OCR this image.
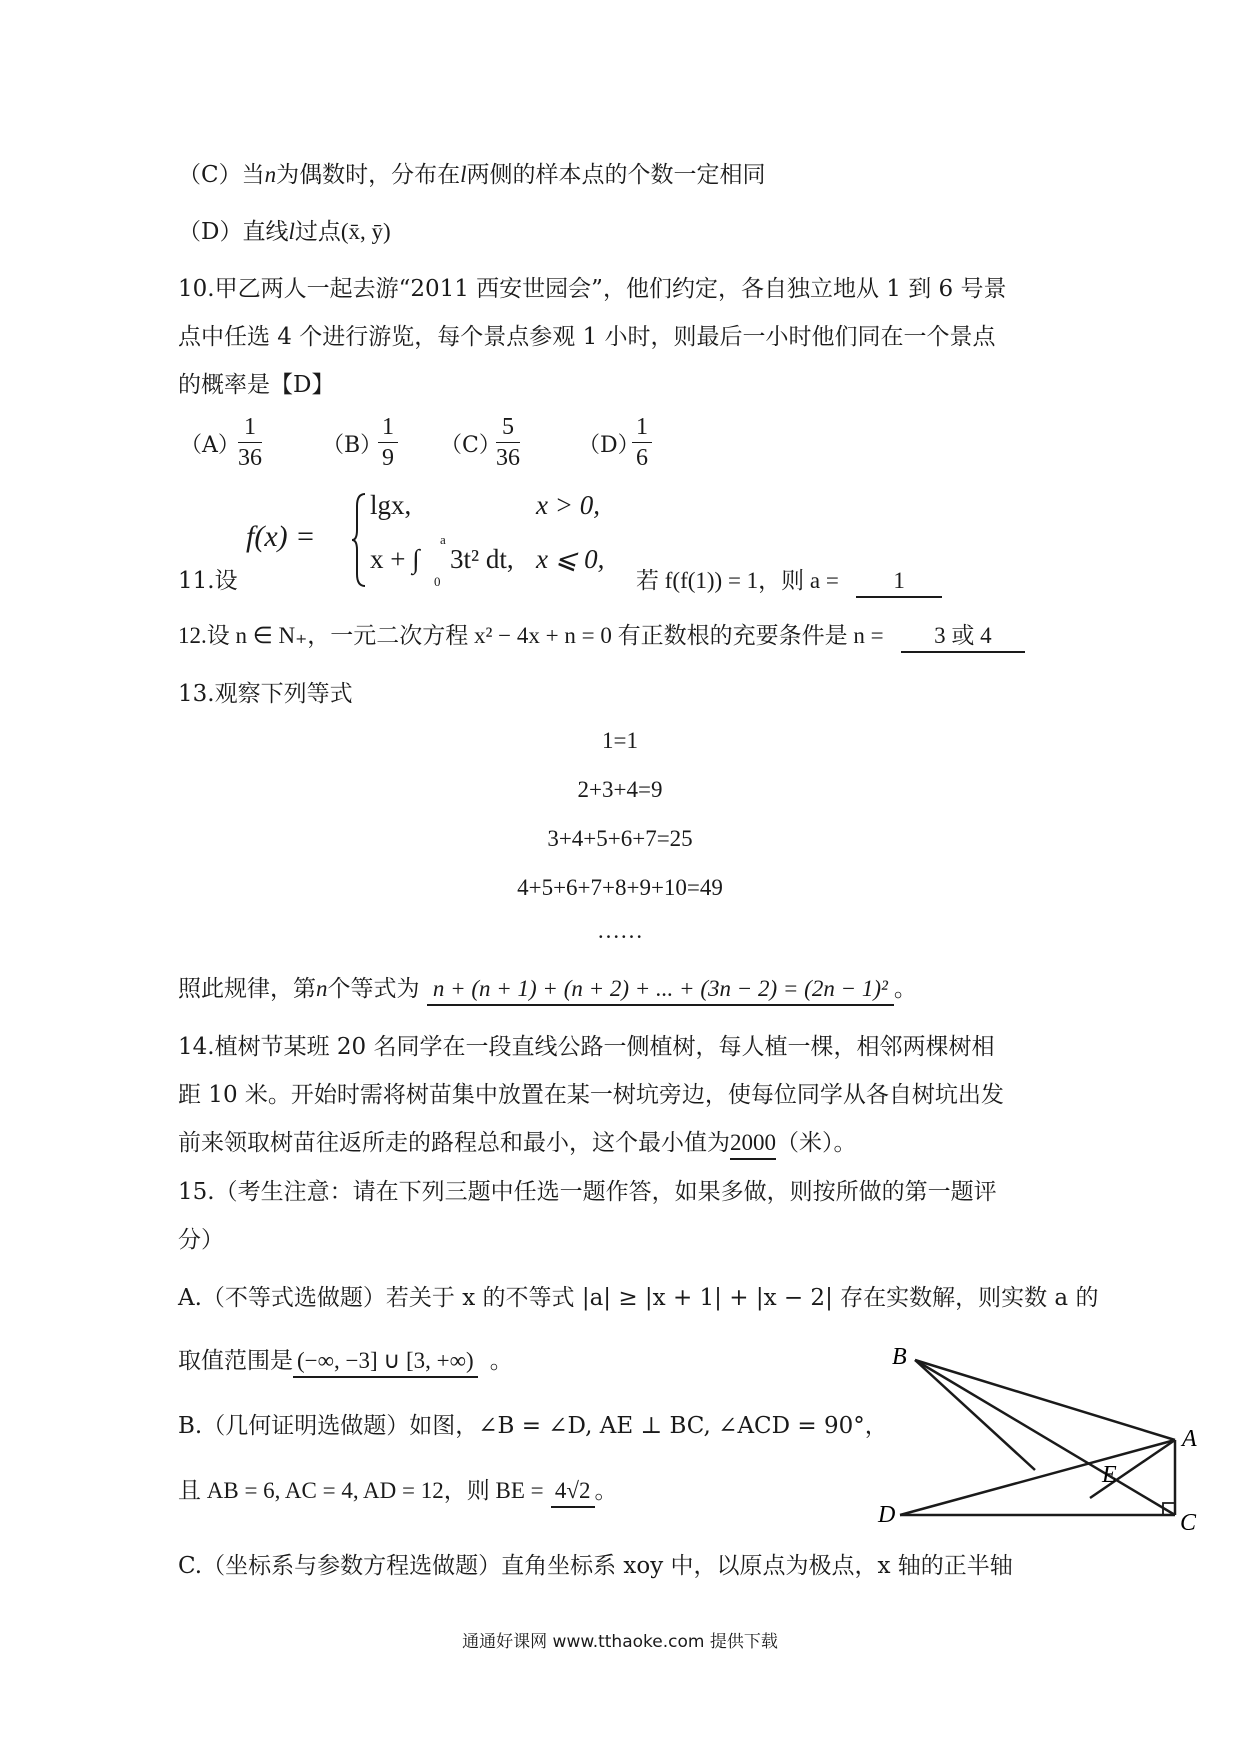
（C）当n为偶数时，分布在l两侧的样本点的个数一定相同
（D）直线l过点(x̄, ȳ)
10.甲乙两人一起去游“2011 西安世园会”，他们约定，各自独立地从 1 到 6 号景
点中任选 4 个进行游览，每个景点参观 1 小时，则最后一小时他们同在一个景点
的概率是【D】
（A）
$\frac{1}{36}$	（B）
$\frac{1}{9} (C)$
$\frac{5}{36}$	（D）
$\frac{1}{6}$
11.设
f(x) =
lgx,	x > 0,
x + ∫
a
0
3t² dt, x ⩽ 0,
若 f(f(1)) = 1，则 a = 1
12.设 n ∈ N₊，一元二次方程 x² − 4x + n = 0 有正数根的充要条件是 n = 3 或 4
13.观察下列等式
1=1
2+3+4=9
3+4+5+6+7=25
4+5+6+7+8+9+10=49
……
照此规律，第n个等式为 n + (n + 1) + (n + 2) + ... + (3n − 2) = (2n − 1)² 。
14.植树节某班 20 名同学在一段直线公路一侧植树，每人植一棵，相邻两棵树相
距 10 米。开始时需将树苗集中放置在某一树坑旁边，使每位同学从各自树坑出发
前来领取树苗往返所走的路程总和最小，这个最小值为2000（米）。
15.（考生注意：请在下列三题中任选一题作答，如果多做，则按所做的第一题评
分）
A.（不等式选做题）若关于 x 的不等式 |a| ≥ |x + 1| + |x − 2| 存在实数解，则实数 a 的
取值范围是 (−∞, −3] ∪ [3, +∞) 。
B.（几何证明选做题）如图，∠B = ∠D, AE ⊥ BC, ∠ACD = 90°，
且 AB = 6, AC = 4, AD = 12，则 BE = 4√2 。
C.（坐标系与参数方程选做题）直角坐标系 xoy 中，以原点为极点，x 轴的正半轴
B
A
E
D	C
通通好课网 www.tthaoke.com 提供下载
